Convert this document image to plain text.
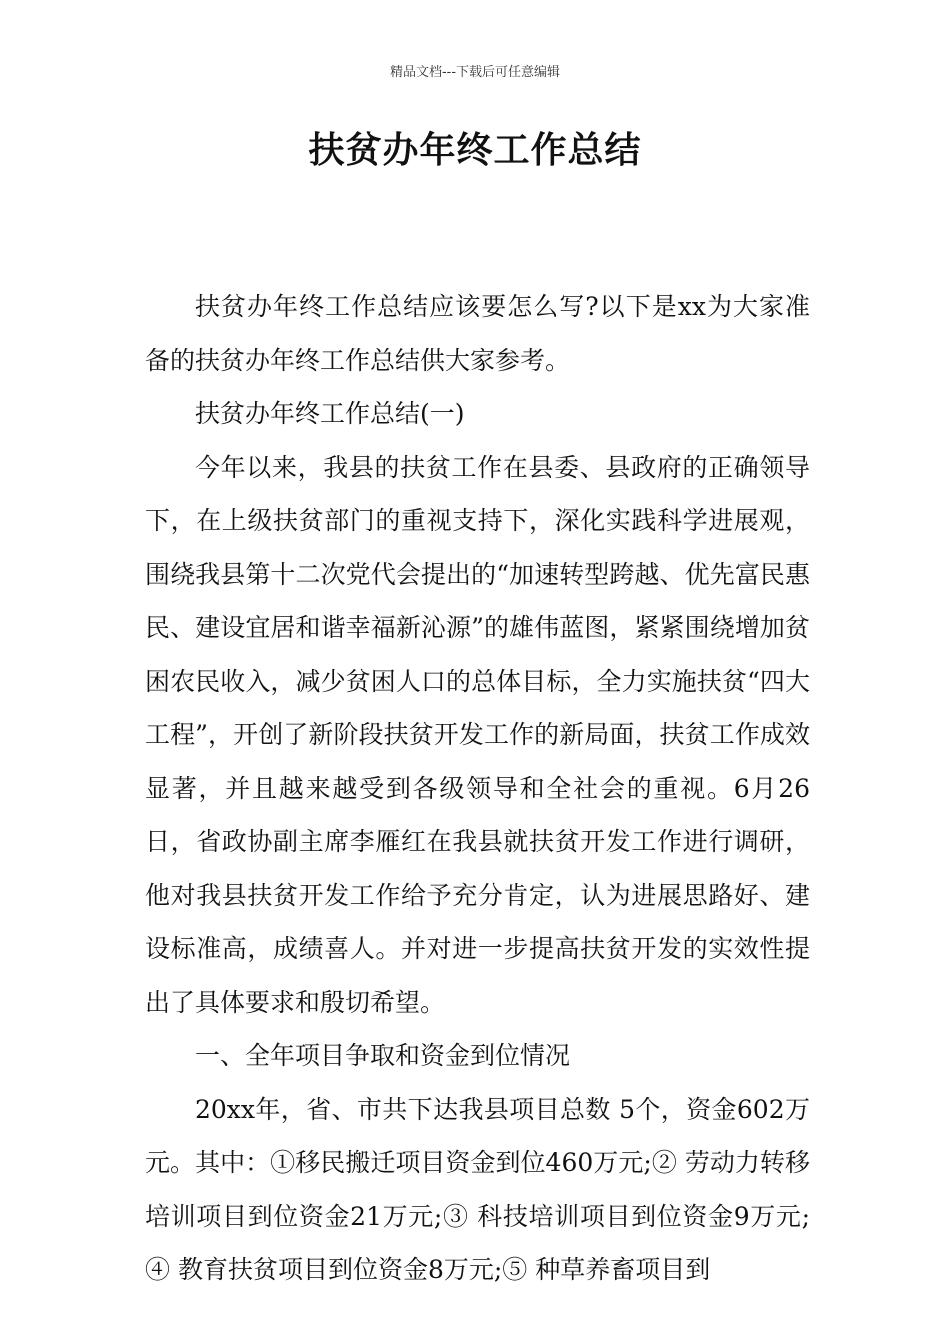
精品文档---下载后可任意编辑
扶贫办年终工作总结

扶贫办年终工作总结应该要怎么写?以下是xx为大家准备的扶贫办年终工作总结供大家参考。

扶贫办年终工作总结(一)

今年以来，我县的扶贫工作在县委、县政府的正确领导下，在上级扶贫部门的重视支持下，深化实践科学进展观，围绕我县第十二次党代会提出的“加速转型跨越、优先富民惠民、建设宜居和谐幸福新沁源”的雄伟蓝图，紧紧围绕增加贫困农民收入，减少贫困人口的总体目标，全力实施扶贫“四大工程”，开创了新阶段扶贫开发工作的新局面，扶贫工作成效显著，并且越来越受到各级领导和全社会的重视。6月26日，省政协副主席李雁红在我县就扶贫开发工作进行调研，他对我县扶贫开发工作给予充分肯定，认为进展思路好、建设标准高，成绩喜人。并对进一步提高扶贫开发的实效性提出了具体要求和殷切希望。

一、全年项目争取和资金到位情况

20xx年，省、市共下达我县项目总数 5个，资金602万元。其中：①移民搬迁项目资金到位460万元;② 劳动力转移培训项目到位资金21万元;③ 科技培训项目到位资金9万元;④ 教育扶贫项目到位资金8万元;⑤ 种草养畜项目到
